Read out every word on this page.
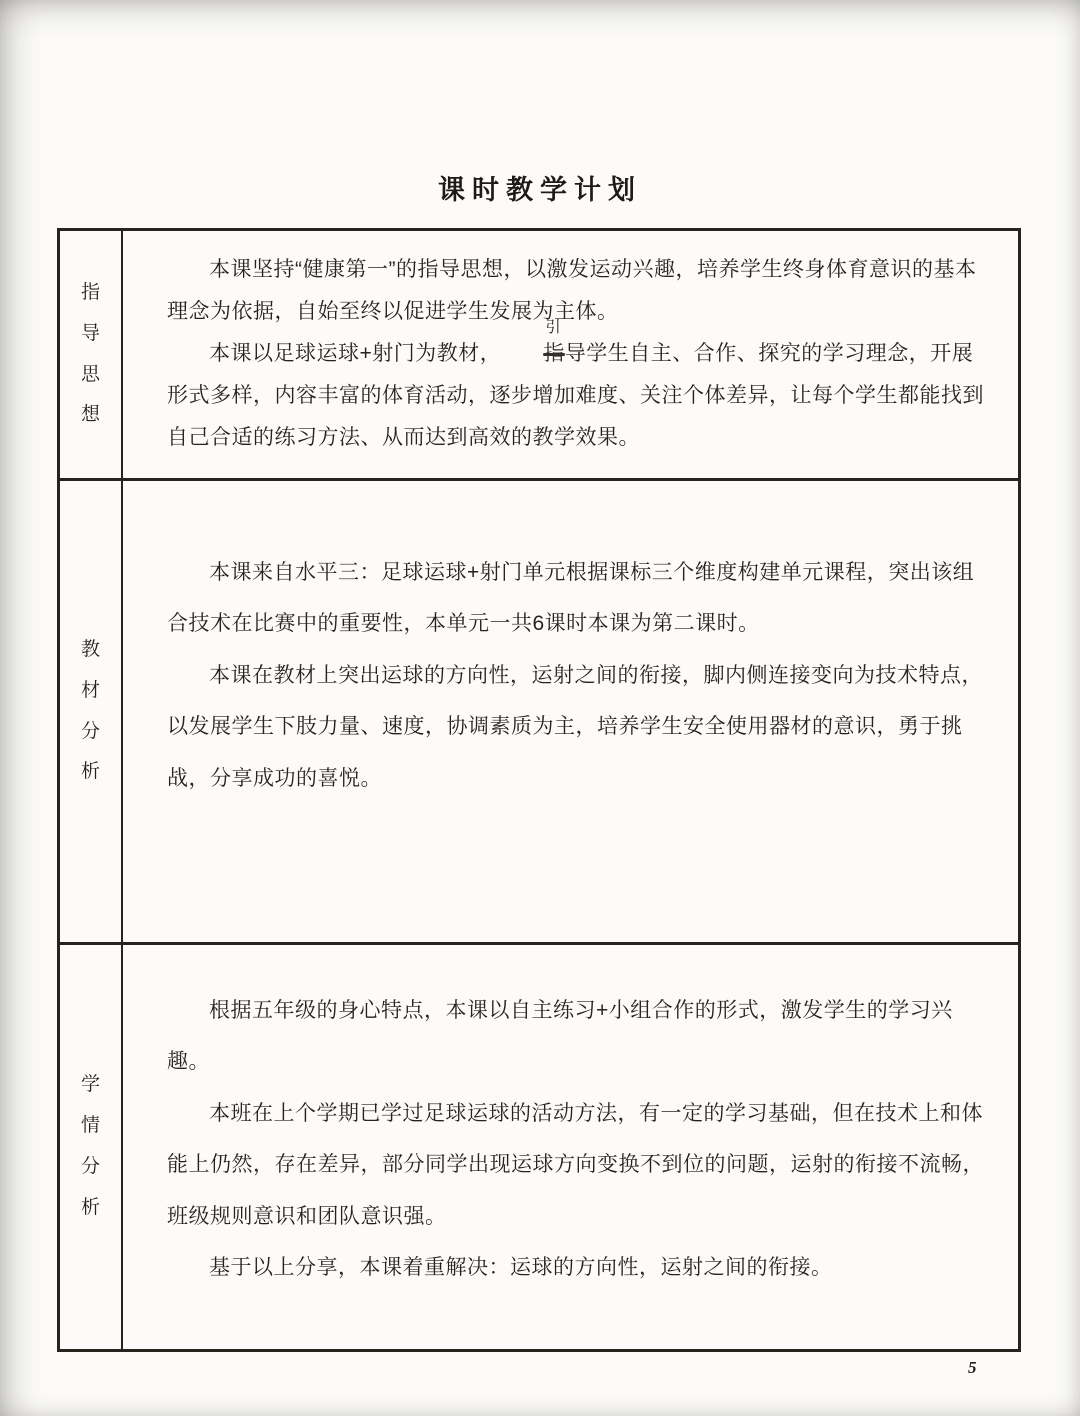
课时教学计划
指导思想

本课坚持“健康第一”的指导思想，以激发运动兴趣，培养学生终身体育意识的基本理念为依据，自始至终以促进学生发展为主体。

本课以足球运球+射门为教材，
引
指导学生自主、合作、探究的学习理念，开展形式多样，内容丰富的体育活动，逐步增加难度、关注个体差异，让每个学生都能找到自己合适的练习方法、从而达到高效的教学效果。

教材分析

本课来自水平三：足球运球+射门单元根据课标三个维度构建单元课程，突出该组合技术在比赛中的重要性，本单元一共6课时本课为第二课时。

本课在教材上突出运球的方向性，运射之间的衔接，脚内侧连接变向为技术特点，以发展学生下肢力量、速度，协调素质为主，培养学生安全使用器材的意识，勇于挑战，分享成功的喜悦。

学情分析

根据五年级的身心特点，本课以自主练习+小组合作的形式，激发学生的学习兴趣。

本班在上个学期已学过足球运球的活动方法，有一定的学习基础，但在技术上和体能上仍然，存在差异，部分同学出现运球方向变换不到位的问题，运射的衔接不流畅，班级规则意识和团队意识强。

基于以上分享，本课着重解决：运球的方向性，运射之间的衔接。

5
